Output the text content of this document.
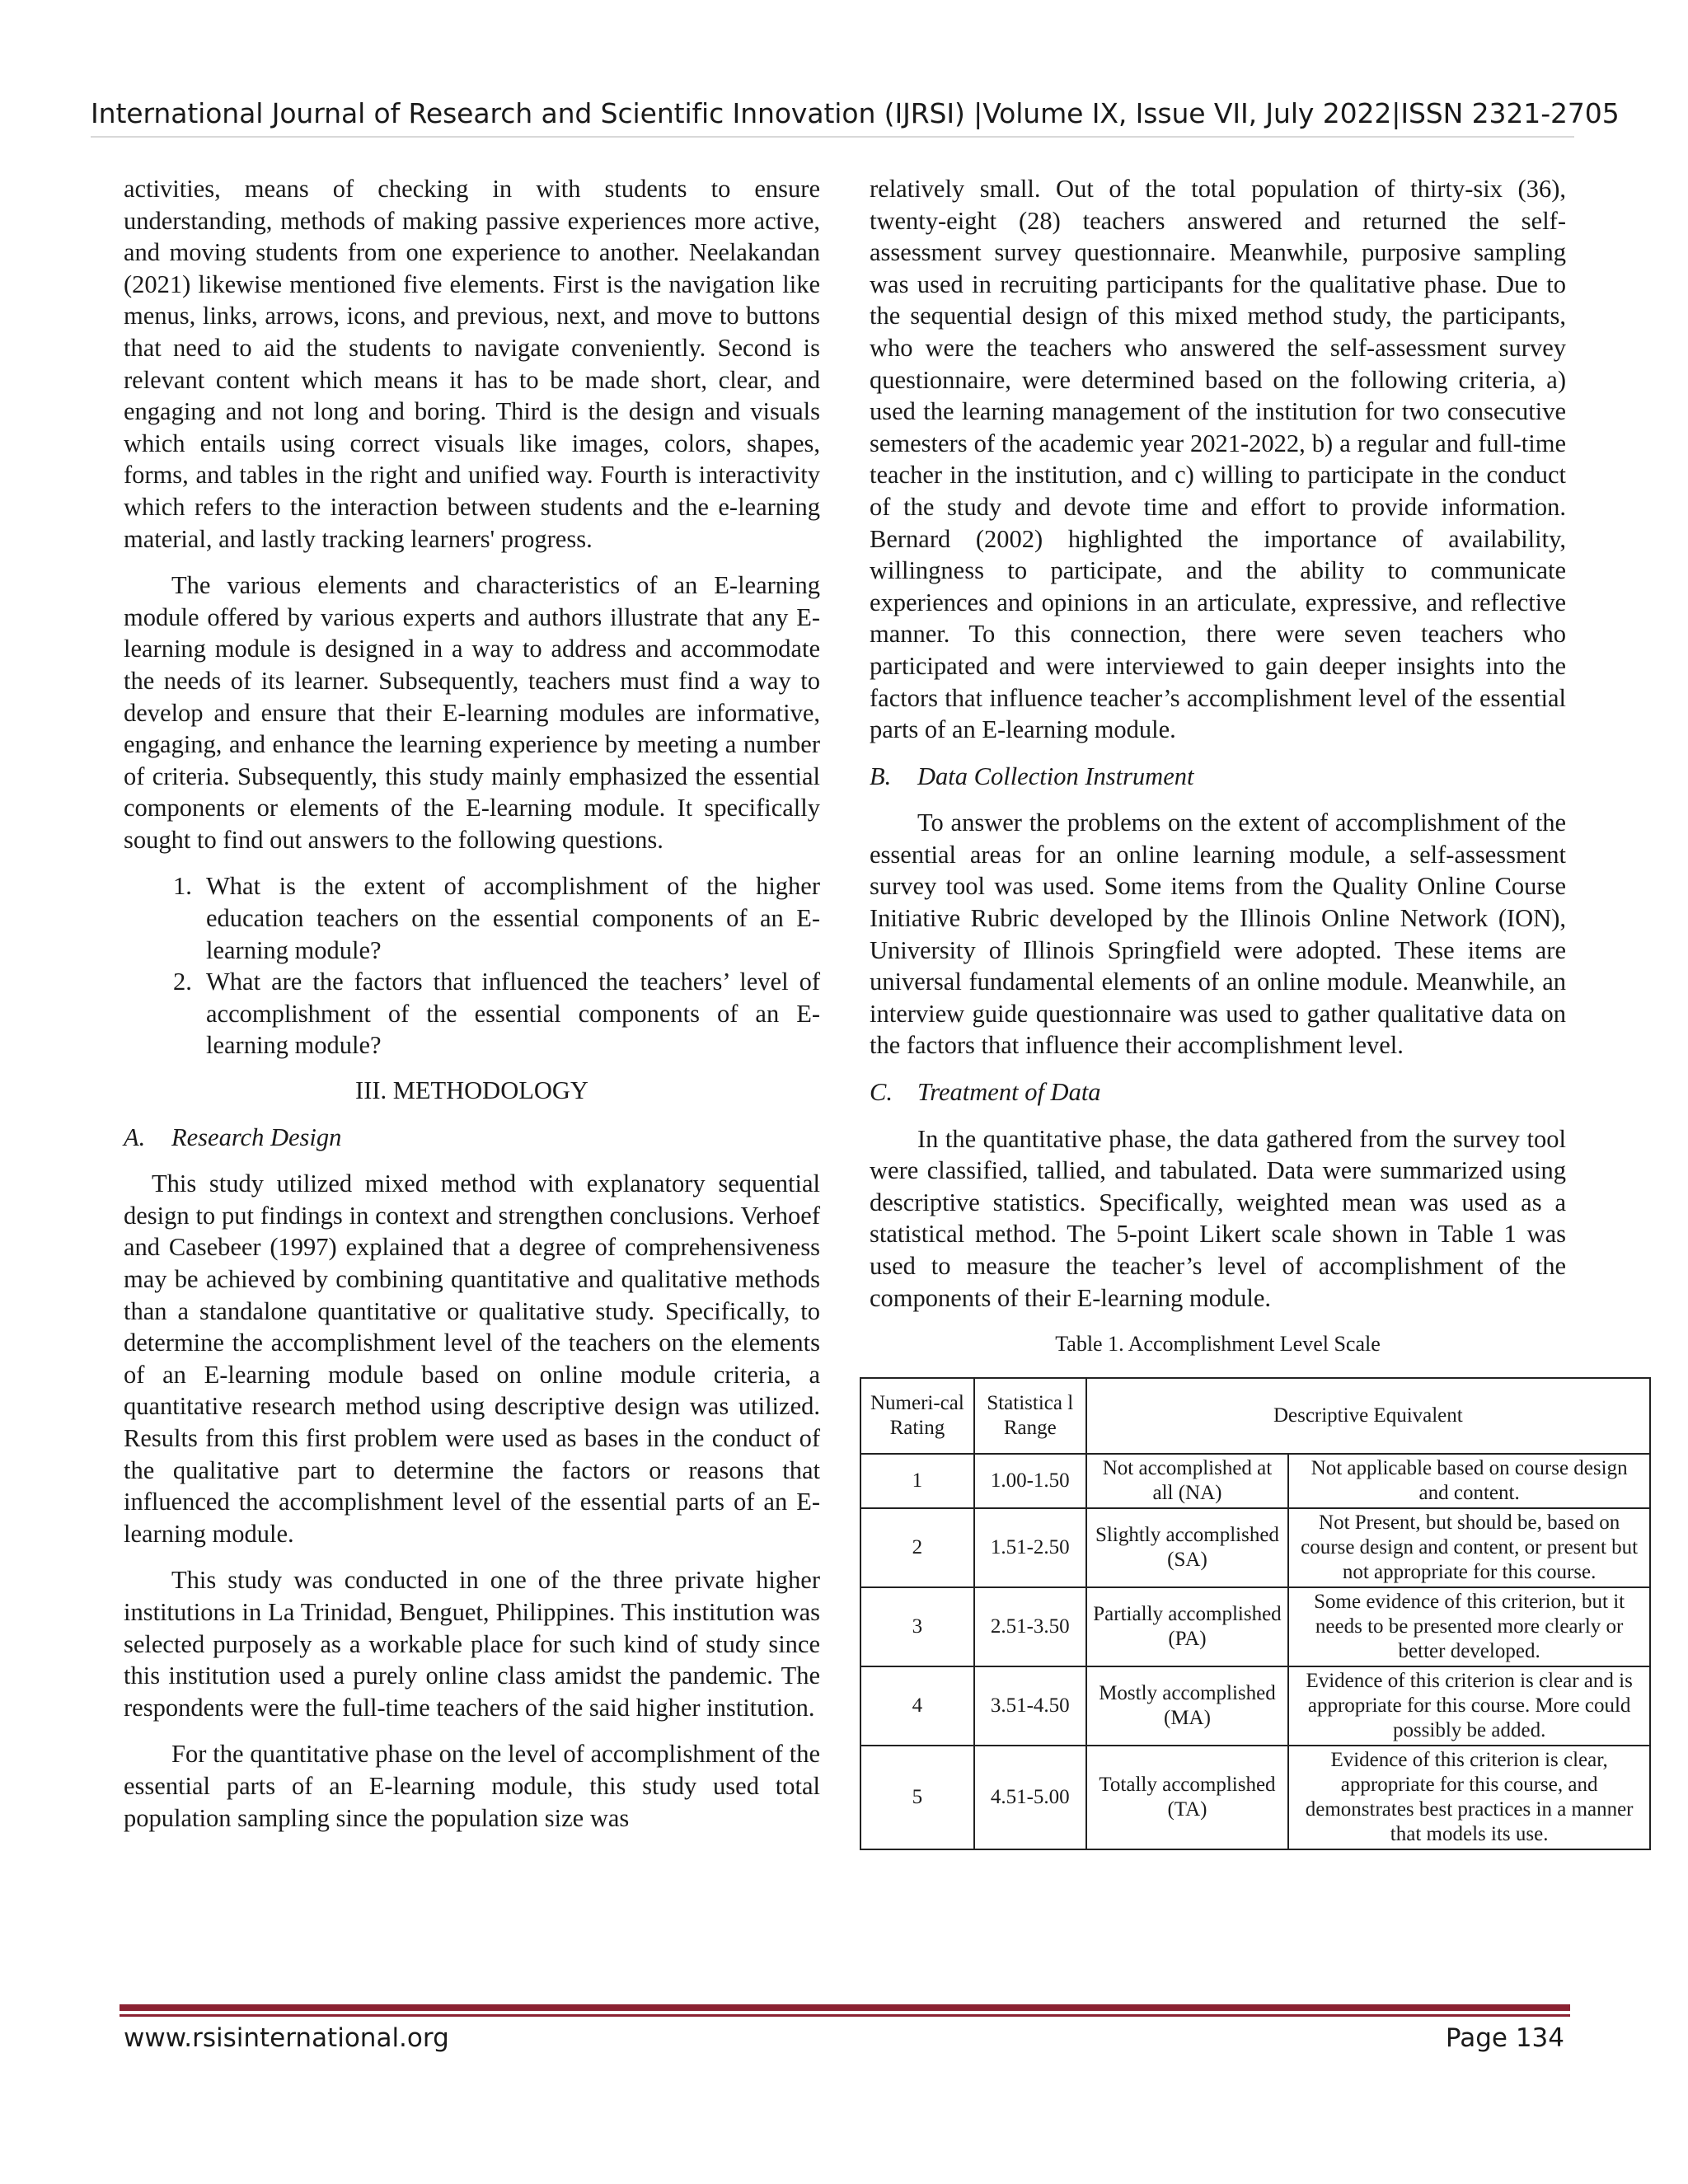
International Journal of Research and Scientific Innovation (IJRSI) |Volume IX, Issue VII, July 2022|ISSN 2321-2705

activities, means of checking in with students to ensure understanding, methods of making passive experiences more active, and moving students from one experience to another. Neelakandan (2021) likewise mentioned five elements. First is the navigation like menus, links, arrows, icons, and previous, next, and move to buttons that need to aid the students to navigate conveniently. Second is relevant content which means it has to be made short, clear, and engaging and not long and boring. Third is the design and visuals which entails using correct visuals like images, colors, shapes, forms, and tables in the right and unified way. Fourth is interactivity which refers to the interaction between students and the e-learning material, and lastly tracking learners' progress.

The various elements and characteristics of an E-learning module offered by various experts and authors illustrate that any E-learning module is designed in a way to address and accommodate the needs of its learner. Subsequently, teachers must find a way to develop and ensure that their E-learning modules are informative, engaging, and enhance the learning experience by meeting a number of criteria. Subsequently, this study mainly emphasized the essential components or elements of the E-learning module. It specifically sought to find out answers to the following questions.

1. What is the extent of accomplishment of the higher education teachers on the essential components of an E-learning module?
2. What are the factors that influenced the teachers’ level of accomplishment of the essential components of an E-learning module?
III. METHODOLOGY
A. Research Design

This study utilized mixed method with explanatory sequential design to put findings in context and strengthen conclusions. Verhoef and Casebeer (1997) explained that a degree of comprehensiveness may be achieved by combining quantitative and qualitative methods than a standalone quantitative or qualitative study. Specifically, to determine the accomplishment level of the teachers on the elements of an E-learning module based on online module criteria, a quantitative research method using descriptive design was utilized. Results from this first problem were used as bases in the conduct of the qualitative part to determine the factors or reasons that influenced the accomplishment level of the essential parts of an E-learning module.

This study was conducted in one of the three private higher institutions in La Trinidad, Benguet, Philippines. This institution was selected purposely as a workable place for such kind of study since this institution used a purely online class amidst the pandemic. The respondents were the full-time teachers of the said higher institution.

For the quantitative phase on the level of accomplishment of the essential parts of an E-learning module, this study used total population sampling since the population size was

relatively small. Out of the total population of thirty-six (36), twenty-eight (28) teachers answered and returned the self-assessment survey questionnaire. Meanwhile, purposive sampling was used in recruiting participants for the qualitative phase. Due to the sequential design of this mixed method study, the participants, who were the teachers who answered the self-assessment survey questionnaire, were determined based on the following criteria, a) used the learning management of the institution for two consecutive semesters of the academic year 2021-2022, b) a regular and full-time teacher in the institution, and c) willing to participate in the conduct of the study and devote time and effort to provide information. Bernard (2002) highlighted the importance of availability, willingness to participate, and the ability to communicate experiences and opinions in an articulate, expressive, and reflective manner. To this connection, there were seven teachers who participated and were interviewed to gain deeper insights into the factors that influence teacher’s accomplishment level of the essential parts of an E-learning module.

B. Data Collection Instrument

To answer the problems on the extent of accomplishment of the essential areas for an online learning module, a self-assessment survey tool was used. Some items from the Quality Online Course Initiative Rubric developed by the Illinois Online Network (ION), University of Illinois Springfield were adopted. These items are universal fundamental elements of an online module. Meanwhile, an interview guide questionnaire was used to gather qualitative data on the factors that influence their accomplishment level.

C. Treatment of Data

In the quantitative phase, the data gathered from the survey tool were classified, tallied, and tabulated. Data were summarized using descriptive statistics. Specifically, weighted mean was used as a statistical method. The 5-point Likert scale shown in Table 1 was used to measure the teacher’s level of accomplishment of the components of their E-learning module.

Table 1. Accomplishment Level Scale
Numeri-cal Rating	Statistica l Range	Descriptive Equivalent	
1	1.00-1.50	Not accomplished at all (NA)	Not applicable based on course design and content.
2	1.51-2.50	Slightly accomplished (SA)	Not Present, but should be, based on course design and content, or present but not appropriate for this course.
3	2.51-3.50	Partially accomplished (PA)	Some evidence of this criterion, but it needs to be presented more clearly or better developed.
4	3.51-4.50	Mostly accomplished (MA)	Evidence of this criterion is clear and is appropriate for this course. More could possibly be added.
5	4.51-5.00	Totally accomplished (TA)	Evidence of this criterion is clear, appropriate for this course, and demonstrates best practices in a manner that models its use.
www.rsisinternational.org	Page 134
